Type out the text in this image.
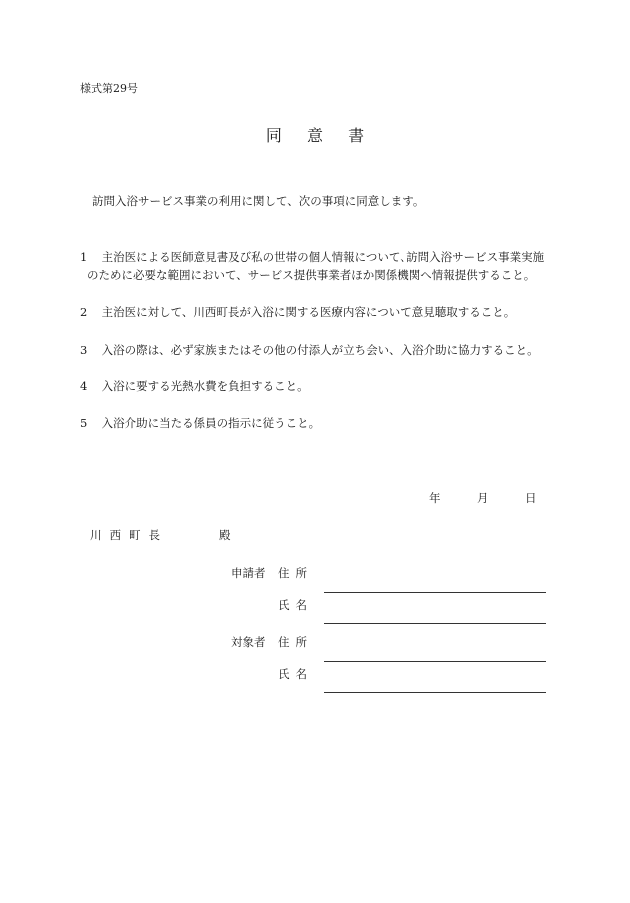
様式第29号
同 意 書
訪問入浴サービス事業の利用に関して、次の事項に同意します。
1 主治医による医師意見書及び私の世帯の個人情報について､訪問入浴サービス事業実施
のために必要な範囲において、サービス提供事業者ほか関係機関へ情報提供すること。
2 主治医に対して、川西町長が入浴に関する医療内容について意見聴取すること。
3 入浴の際は、必ず家族またはその他の付添人が立ち会い、入浴介助に協力すること。
4 入浴に要する光熱水費を負担すること。
5 入浴介助に当たる係員の指示に従うこと。
年	月	日
川西町長	殿
申請者 住所
氏名
対象者 住所
氏名
